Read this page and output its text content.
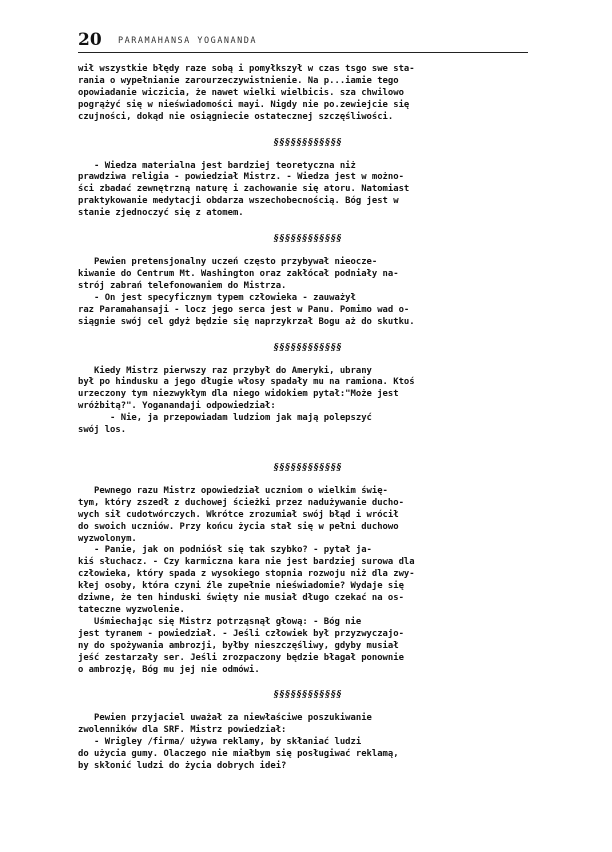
20 PARAMAHANSA YOGANANDA

wił wszystkie błędy raze sobą i pomyłkszył w czas tsgo swe sta-
rania o wypełnianie zarourzeczywistnienie. Na p...iamie tego
opowiadanie wiczicia, że nawet wielki wielbicis. sza chwilowo
pogrążyć się w nieświadomości mayi. Nigdy nie po.zewiejcie się
czujności, dokąd nie osiągniecie ostatecznej szczęśliwości.

§§§§§§§§§§§§

- Wiedza materialna jest bardziej teoretyczna niż
prawdziwa religia - powiedział Mistrz. - Wiedza jest w możno-
ści zbadać zewnętrzną naturę i zachowanie się atoru. Natomiast
praktykowanie medytacji obdarza wszechobecnością. Bóg jest w
stanie zjednoczyć się z atomem.

§§§§§§§§§§§§

Pewien pretensjonalny uczeń często przybywał nieocze-
kiwanie do Centrum Mt. Washington oraz zakłócał podniały na-
strój zabrań telefonowaniem do Mistrza.
- On jest specyficznym typem człowieka - zauważył
raz Paramahansaji - locz jego serca jest w Panu. Pomimo wad o-
siągnie swój cel gdyż będzie się naprzykrzał Bogu aż do skutku.

§§§§§§§§§§§§

Kiedy Mistrz pierwszy raz przybył do Ameryki, ubrany
był po hindusku a jego długie włosy spadały mu na ramiona. Ktoś
urzeczony tym niezwykłym dla niego widokiem pytał:"Może jest
wróżbitą?". Yoganandaji odpowiedział:
- Nie, ja przepowiadam ludziom jak mają polepszyć
swój los.

§§§§§§§§§§§§

Pewnego razu Mistrz opowiedział uczniom o wielkim świę-
tym, który zszedł z duchowej ścieżki przez nadużywanie ducho-
wych sił cudotwórczych. Wkrótce zrozumiał swój błąd i wrócił
do swoich uczniów. Przy końcu życia stał się w pełni duchowo
wyzwolonym.
- Panie, jak on podniósł się tak szybko? - pytał ja-
kiś słuchacz. - Czy karmiczna kara nie jest bardziej surowa dla
człowieka, który spada z wysokiego stopnia rozwoju niż dla zwy-
kłej osoby, która czyni źle zupełnie nieświadomie? Wydaje się
dziwne, że ten hinduski święty nie musiał długo czekać na os-
tateczne wyzwolenie.
Uśmiechając się Mistrz potrząsnął głową: - Bóg nie
jest tyranem - powiedział. - Jeśli człowiek był przyzwyczajo-
ny do spożywania ambrozji, byłby nieszczęśliwy, gdyby musiał
jeść zestarzały ser. Jeśli zrozpaczony będzie błagał ponownie
o ambrozję, Bóg mu jej nie odmówi.

§§§§§§§§§§§§

Pewien przyjaciel uważał za niewłaściwe poszukiwanie
zwolenników dla SRF. Mistrz powiedział:
- Wrigley /firma/ używa reklamy, by skłaniać ludzi
do użycia gumy. Olaczego nie miałbym się posługiwać reklamą,
by skłonić ludzi do życia dobrych idei?
